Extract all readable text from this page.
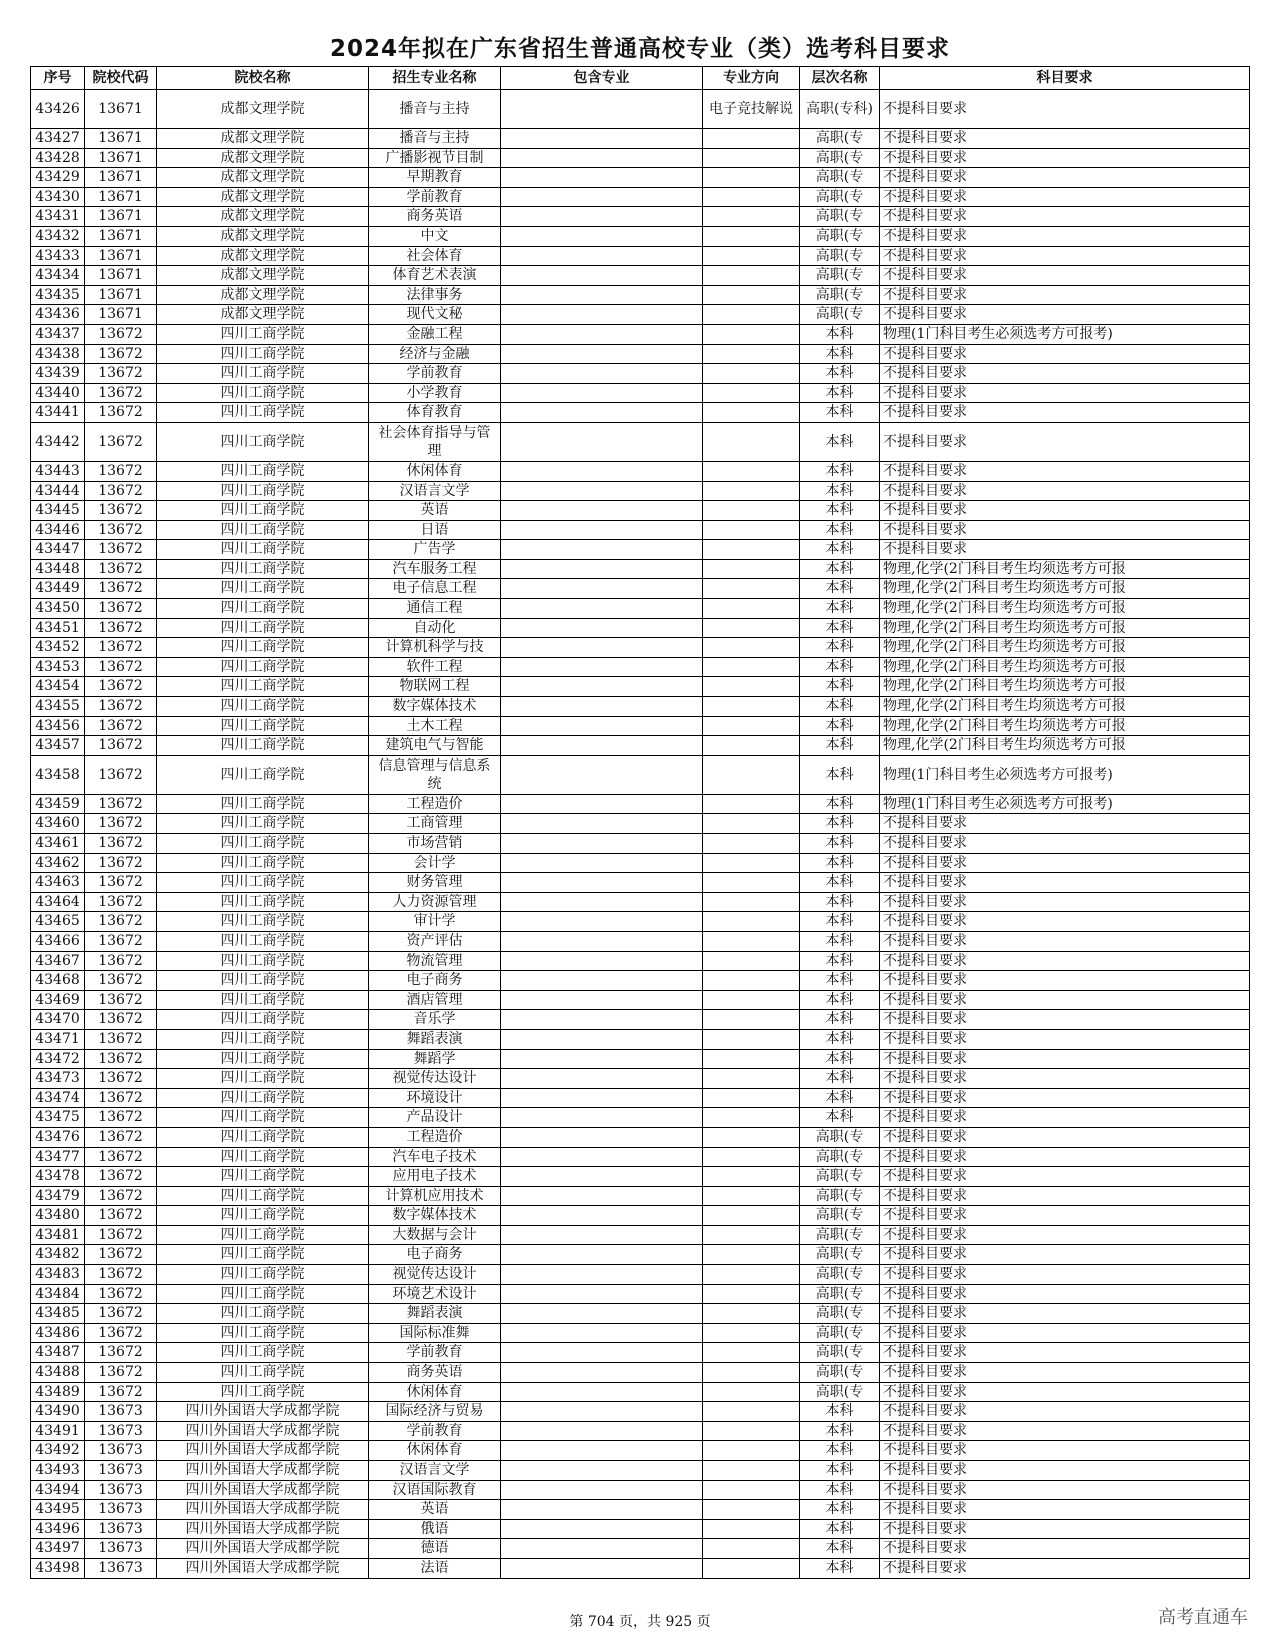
2024年拟在广东省招生普通高校专业（类）选考科目要求
序号	院校代码	院校名称	招生专业名称	包含专业	专业方向	层次名称	科目要求
43426	13671	成都文理学院	播音与主持		电子竞技解说	高职(专科)	不提科目要求
43427	13671	成都文理学院	播音与主持			高职(专	不提科目要求
43428	13671	成都文理学院	广播影视节目制			高职(专	不提科目要求
43429	13671	成都文理学院	早期教育			高职(专	不提科目要求
43430	13671	成都文理学院	学前教育			高职(专	不提科目要求
43431	13671	成都文理学院	商务英语			高职(专	不提科目要求
43432	13671	成都文理学院	中文			高职(专	不提科目要求
43433	13671	成都文理学院	社会体育			高职(专	不提科目要求
43434	13671	成都文理学院	体育艺术表演			高职(专	不提科目要求
43435	13671	成都文理学院	法律事务			高职(专	不提科目要求
43436	13671	成都文理学院	现代文秘			高职(专	不提科目要求
43437	13672	四川工商学院	金融工程			本科	物理(1门科目考生必须选考方可报考)
43438	13672	四川工商学院	经济与金融			本科	不提科目要求
43439	13672	四川工商学院	学前教育			本科	不提科目要求
43440	13672	四川工商学院	小学教育			本科	不提科目要求
43441	13672	四川工商学院	体育教育			本科	不提科目要求
43442	13672	四川工商学院	社会体育指导与管理			本科	不提科目要求
43443	13672	四川工商学院	休闲体育			本科	不提科目要求
43444	13672	四川工商学院	汉语言文学			本科	不提科目要求
43445	13672	四川工商学院	英语			本科	不提科目要求
43446	13672	四川工商学院	日语			本科	不提科目要求
43447	13672	四川工商学院	广告学			本科	不提科目要求
43448	13672	四川工商学院	汽车服务工程			本科	物理,化学(2门科目考生均须选考方可报
43449	13672	四川工商学院	电子信息工程			本科	物理,化学(2门科目考生均须选考方可报
43450	13672	四川工商学院	通信工程			本科	物理,化学(2门科目考生均须选考方可报
43451	13672	四川工商学院	自动化			本科	物理,化学(2门科目考生均须选考方可报
43452	13672	四川工商学院	计算机科学与技			本科	物理,化学(2门科目考生均须选考方可报
43453	13672	四川工商学院	软件工程			本科	物理,化学(2门科目考生均须选考方可报
43454	13672	四川工商学院	物联网工程			本科	物理,化学(2门科目考生均须选考方可报
43455	13672	四川工商学院	数字媒体技术			本科	物理,化学(2门科目考生均须选考方可报
43456	13672	四川工商学院	土木工程			本科	物理,化学(2门科目考生均须选考方可报
43457	13672	四川工商学院	建筑电气与智能			本科	物理,化学(2门科目考生均须选考方可报
43458	13672	四川工商学院	信息管理与信息系统			本科	物理(1门科目考生必须选考方可报考)
43459	13672	四川工商学院	工程造价			本科	物理(1门科目考生必须选考方可报考)
43460	13672	四川工商学院	工商管理			本科	不提科目要求
43461	13672	四川工商学院	市场营销			本科	不提科目要求
43462	13672	四川工商学院	会计学			本科	不提科目要求
43463	13672	四川工商学院	财务管理			本科	不提科目要求
43464	13672	四川工商学院	人力资源管理			本科	不提科目要求
43465	13672	四川工商学院	审计学			本科	不提科目要求
43466	13672	四川工商学院	资产评估			本科	不提科目要求
43467	13672	四川工商学院	物流管理			本科	不提科目要求
43468	13672	四川工商学院	电子商务			本科	不提科目要求
43469	13672	四川工商学院	酒店管理			本科	不提科目要求
43470	13672	四川工商学院	音乐学			本科	不提科目要求
43471	13672	四川工商学院	舞蹈表演			本科	不提科目要求
43472	13672	四川工商学院	舞蹈学			本科	不提科目要求
43473	13672	四川工商学院	视觉传达设计			本科	不提科目要求
43474	13672	四川工商学院	环境设计			本科	不提科目要求
43475	13672	四川工商学院	产品设计			本科	不提科目要求
43476	13672	四川工商学院	工程造价			高职(专	不提科目要求
43477	13672	四川工商学院	汽车电子技术			高职(专	不提科目要求
43478	13672	四川工商学院	应用电子技术			高职(专	不提科目要求
43479	13672	四川工商学院	计算机应用技术			高职(专	不提科目要求
43480	13672	四川工商学院	数字媒体技术			高职(专	不提科目要求
43481	13672	四川工商学院	大数据与会计			高职(专	不提科目要求
43482	13672	四川工商学院	电子商务			高职(专	不提科目要求
43483	13672	四川工商学院	视觉传达设计			高职(专	不提科目要求
43484	13672	四川工商学院	环境艺术设计			高职(专	不提科目要求
43485	13672	四川工商学院	舞蹈表演			高职(专	不提科目要求
43486	13672	四川工商学院	国际标准舞			高职(专	不提科目要求
43487	13672	四川工商学院	学前教育			高职(专	不提科目要求
43488	13672	四川工商学院	商务英语			高职(专	不提科目要求
43489	13672	四川工商学院	休闲体育			高职(专	不提科目要求
43490	13673	四川外国语大学成都学院	国际经济与贸易			本科	不提科目要求
43491	13673	四川外国语大学成都学院	学前教育			本科	不提科目要求
43492	13673	四川外国语大学成都学院	休闲体育			本科	不提科目要求
43493	13673	四川外国语大学成都学院	汉语言文学			本科	不提科目要求
43494	13673	四川外国语大学成都学院	汉语国际教育			本科	不提科目要求
43495	13673	四川外国语大学成都学院	英语			本科	不提科目要求
43496	13673	四川外国语大学成都学院	俄语			本科	不提科目要求
43497	13673	四川外国语大学成都学院	德语			本科	不提科目要求
43498	13673	四川外国语大学成都学院	法语			本科	不提科目要求
第 704 页，共 925 页	高考直通车
